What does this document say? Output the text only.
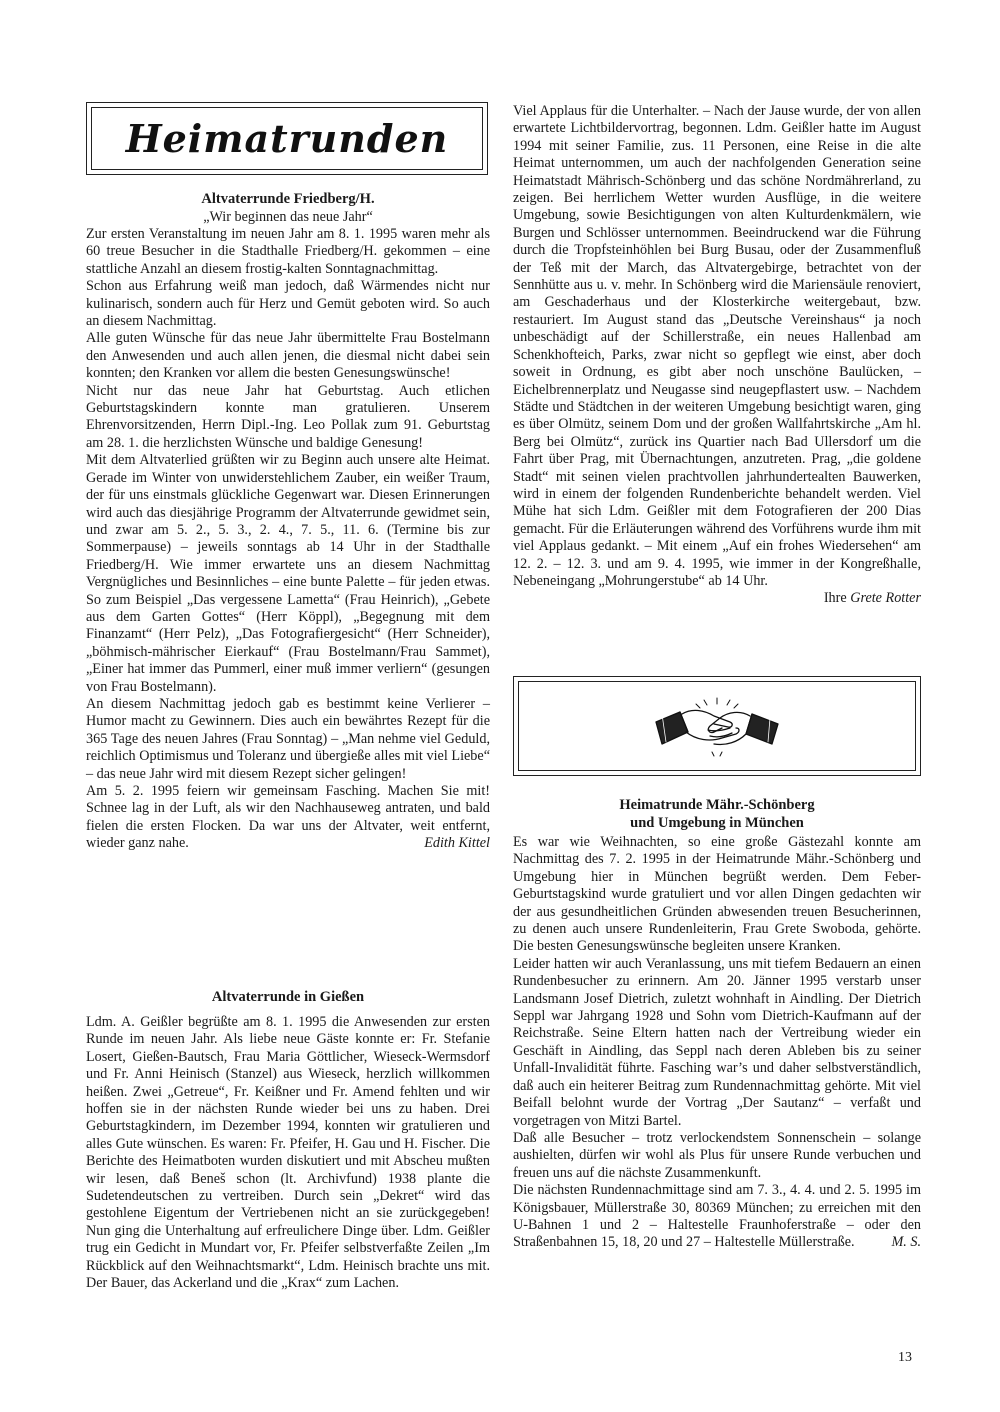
Heimatrunden
Altvaterrunde Friedberg/H.
„Wir beginnen das neue Jahr“

Zur ersten Veranstaltung im neuen Jahr am 8. 1. 1995 waren mehr als 60 treue Besucher in die Stadthalle Friedberg/H. gekommen – eine stattliche Anzahl an diesem frostig-kalten Sonntagnachmittag.

Schon aus Erfahrung weiß man jedoch, daß Wärmendes nicht nur kulinarisch, sondern auch für Herz und Gemüt geboten wird. So auch an diesem Nachmittag.

Alle guten Wünsche für das neue Jahr übermittelte Frau Bostelmann den Anwesenden und auch allen jenen, die diesmal nicht dabei sein konnten; den Kranken vor allem die besten Genesungswünsche!

Nicht nur das neue Jahr hat Geburtstag. Auch etlichen Geburtstagskindern konnte man gratulieren. Unserem Ehrenvorsitzenden, Herrn Dipl.-Ing. Leo Pollak zum 91. Geburtstag am 28. 1. die herzlichsten Wünsche und baldige Genesung!

Mit dem Altvaterlied grüßten wir zu Beginn auch unsere alte Heimat. Gerade im Winter von unwiderstehlichem Zauber, ein weißer Traum, der für uns einstmals glückliche Gegenwart war. Diesen Erinnerungen wird auch das diesjährige Programm der Altvaterrunde gewidmet sein, und zwar am 5. 2., 5. 3., 2. 4., 7. 5., 11. 6. (Termine bis zur Sommerpause) – jeweils sonntags ab 14 Uhr in der Stadthalle Friedberg/H. Wie immer erwartete uns an diesem Nachmittag Vergnügliches und Besinnliches – eine bunte Palette – für jeden etwas. So zum Beispiel „Das vergessene Lametta“ (Frau Heinrich), „Gebete aus dem Garten Gottes“ (Herr Köppl), „Begegnung mit dem Finanzamt“ (Herr Pelz), „Das Fotografiergesicht“ (Herr Schneider), „böhmisch-mährischer Eierkauf“ (Frau Bostelmann/Frau Sammet), „Einer hat immer das Pummerl, einer muß immer verliern“ (gesungen von Frau Bostelmann).

An diesem Nachmittag jedoch gab es bestimmt keine Verlierer – Humor macht zu Gewinnern. Dies auch ein bewährtes Rezept für die 365 Tage des neuen Jahres (Frau Sonntag) – „Man nehme viel Geduld, reichlich Optimismus und Toleranz und übergieße alles mit viel Liebe“ – das neue Jahr wird mit diesem Rezept sicher gelingen!

Am 5. 2. 1995 feiern wir gemeinsam Fasching. Machen Sie mit! Schnee lag in der Luft, als wir den Nachhauseweg antraten, und bald fielen die ersten Flocken. Da war uns der Altvater, weit entfernt, wieder ganz nahe.	Edith Kittel

Altvaterrunde in Gießen

Ldm. A. Geißler begrüßte am 8. 1. 1995 die Anwesenden zur ersten Runde im neuen Jahr. Als liebe neue Gäste konnte er: Fr. Stefanie Losert, Gießen-Bautsch, Frau Maria Göttlicher, Wieseck-Wermsdorf und Fr. Anni Heinisch (Stanzel) aus Wieseck, herzlich willkommen heißen. Zwei „Getreue“, Fr. Keißner und Fr. Amend fehlten und wir hoffen sie in der nächsten Runde wieder bei uns zu haben. Drei Geburtstagkindern, im Dezember 1994, konnten wir gratulieren und alles Gute wünschen. Es waren: Fr. Pfeifer, H. Gau und H. Fischer. Die Berichte des Heimatboten wurden diskutiert und mit Abscheu mußten wir lesen, daß Beneš schon (lt. Archivfund) 1938 plante die Sudetendeutschen zu vertreiben. Durch sein „Dekret“ wird das gestohlene Eigentum der Vertriebenen nicht an sie zurückgegeben! Nun ging die Unterhaltung auf erfreulichere Dinge über. Ldm. Geißler trug ein Gedicht in Mundart vor, Fr. Pfeifer selbstverfaßte Zeilen „Im Rückblick auf den Weihnachtsmarkt“, Ldm. Heinisch brachte uns mit. Der Bauer, das Ackerland und die „Krax“ zum Lachen.

Viel Applaus für die Unterhalter. – Nach der Jause wurde, der von allen erwartete Lichtbildervortrag, begonnen. Ldm. Geißler hatte im August 1994 mit seiner Familie, zus. 11 Personen, eine Reise in die alte Heimat unternommen, um auch der nachfolgenden Generation seine Heimatstadt Mährisch-Schönberg und das schöne Nordmährerland, zu zeigen. Bei herrlichem Wetter wurden Ausflüge, in die weitere Umgebung, sowie Besichtigungen von alten Kulturdenkmälern, wie Burgen und Schlösser unternommen. Beeindruckend war die Führung durch die Tropfsteinhöhlen bei Burg Busau, oder der Zusammenfluß der Teß mit der March, das Altvatergebirge, betrachtet von der Sennhütte aus u. v. mehr. In Schönberg wird die Mariensäule renoviert, am Geschaderhaus und der Klosterkirche weitergebaut, bzw. restauriert. Im August stand das „Deutsche Vereinshaus“ ja noch unbeschädigt auf der Schillerstraße, ein neues Hallenbad am Schenkhofteich, Parks, zwar nicht so gepflegt wie einst, aber doch soweit in Ordnung, es gibt aber noch unschöne Baulücken, – Eichelbrennerplatz und Neugasse sind neugepflastert usw. – Nachdem Städte und Städtchen in der weiteren Umgebung besichtigt waren, ging es über Olmütz, seinem Dom und der großen Wallfahrtskirche „Am hl. Berg bei Olmütz“, zurück ins Quartier nach Bad Ullersdorf um die Fahrt über Prag, mit Übernachtungen, anzutreten. Prag, „die goldene Stadt“ mit seinen vielen prachtvollen jahrhundertealten Bauwerken, wird in einem der folgenden Rundenberichte behandelt werden. Viel Mühe hat sich Ldm. Geißler mit dem Fotografieren der 200 Dias gemacht. Für die Erläuterungen während des Vorführens wurde ihm mit viel Applaus gedankt. – Mit einem „Auf ein frohes Wiedersehen“ am 12. 2. – 12. 3. und am 9. 4. 1995, wie immer in der Kongreßhalle, Nebeneingang „Mohrungerstube“ ab 14 Uhr.

Ihre Grete Rotter

Heimatrunde Mähr.-Schönberg
und Umgebung in München

Es war wie Weihnachten, so eine große Gästezahl konnte am Nachmittag des 7. 2. 1995 in der Heimatrunde Mähr.-Schönberg und Umgebung hier in München begrüßt werden. Dem Feber-Geburtstagskind wurde gratuliert und vor allen Dingen gedachten wir der aus gesundheitlichen Gründen abwesenden treuen Besucherinnen, zu denen auch unsere Rundenleiterin, Frau Grete Swoboda, gehörte. Die besten Genesungswünsche begleiten unsere Kranken.

Leider hatten wir auch Veranlassung, uns mit tiefem Bedauern an einen Rundenbesucher zu erinnern. Am 20. Jänner 1995 verstarb unser Landsmann Josef Dietrich, zuletzt wohnhaft in Aindling. Der Dietrich Seppl war Jahrgang 1928 und Sohn vom Dietrich-Kaufmann auf der Reichstraße. Seine Eltern hatten nach der Vertreibung wieder ein Geschäft in Aindling, das Seppl nach deren Ableben bis zu seiner Unfall-Invalidität führte. Fasching war’s und daher selbstverständlich, daß auch ein heiterer Beitrag zum Rundennachmittag gehörte. Mit viel Beifall belohnt wurde der Vortrag „Der Sautanz“ – verfaßt und vorgetragen von Mitzi Bartel.

Daß alle Besucher – trotz verlockendstem Sonnenschein – solange aushielten, dürfen wir wohl als Plus für unsere Runde verbuchen und freuen uns auf die nächste Zusammenkunft.

Die nächsten Rundennachmittage sind am 7. 3., 4. 4. und 2. 5. 1995 im Königsbauer, Müllerstraße 30, 80369 München; zu erreichen mit den U-Bahnen 1 und 2 – Haltestelle Fraunhoferstraße – oder den Straßenbahnen 15, 18, 20 und 27 – Haltestelle Müllerstraße.	M. S.

13
